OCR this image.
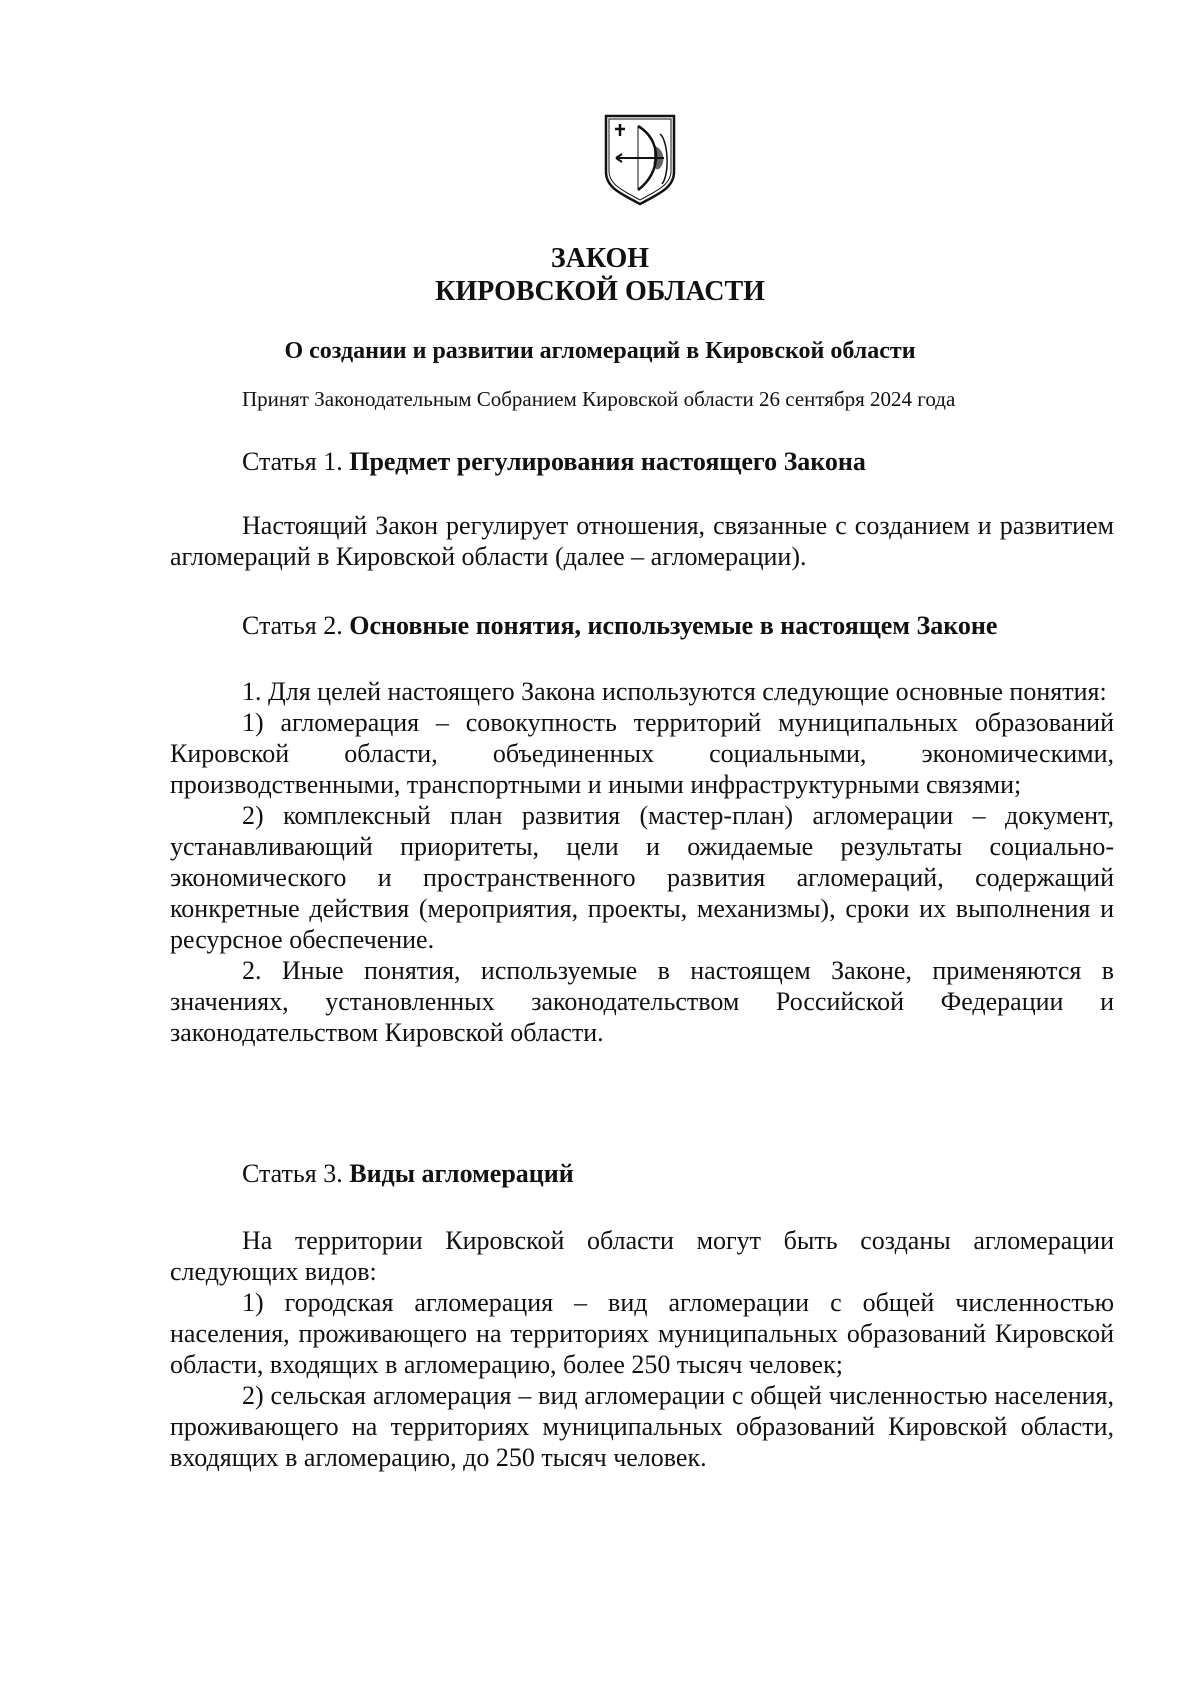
ЗАКОН
КИРОВСКОЙ ОБЛАСТИ
О создании и развитии агломераций в Кировской области
Принят Законодательным Собранием Кировской области 26 сентября 2024 года
Статья 1. Предмет регулирования настоящего Закона

Настоящий Закон регулирует отношения, связанные с созданием и развитием агломераций в Кировской области (далее – агломерации).

Статья 2. Основные понятия, используемые в настоящем Законе

1. Для целей настоящего Закона используются следующие основные понятия:

1) агломерация – совокупность территорий муниципальных образований Кировской области, объединенных социальными, экономическими, производственными, транспортными и иными инфраструктурными связями;

2) комплексный план развития (мастер-план) агломерации – документ, устанавливающий приоритеты, цели и ожидаемые результаты социально-экономического и пространственного развития агломераций, содержащий конкретные действия (мероприятия, проекты, механизмы), сроки их выполнения и ресурсное обеспечение.

2. Иные понятия, используемые в настоящем Законе, применяются в значениях, установленных законодательством Российской Федерации и законодательством Кировской области.

Статья 3. Виды агломераций

На территории Кировской области могут быть созданы агломерации следующих видов:

1) городская агломерация – вид агломерации с общей численностью населения, проживающего на территориях муниципальных образований Кировской области, входящих в агломерацию, более 250 тысяч человек;

2) сельская агломерация – вид агломерации с общей численностью населения, проживающего на территориях муниципальных образований Кировской области, входящих в агломерацию, до 250 тысяч человек.
